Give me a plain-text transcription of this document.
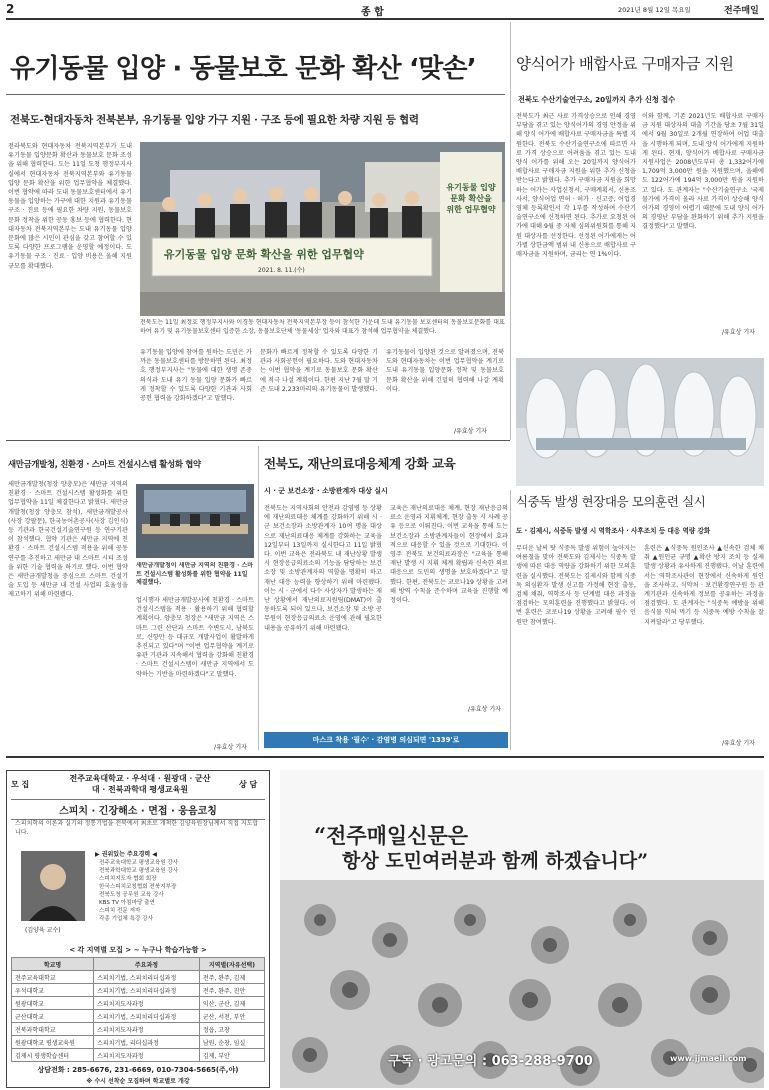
2	종 합	2021년 8월 12일 목요일	전주매일
유기동물 입양 · 동물보호 문화 확산 ‘맞손’
전북도-현대자동차 전북본부, 유기동물 입양 가구 지원 · 구조 등에 필요한 차량 지원 등 협력
전라북도와 현대자동차 전북지역본부가 도내 유기동물 입양문화 확산과 동물보호 문화 조성을 위해 협력한다. 도는 11일 도청 행정부지사실에서 현대자동차 전북지역본부와 유기동물 입양 문화 확산을 위한 업무협약을 체결했다. 이번 협약에 따라 도내 동물보호센터에서 유기동물을 입양하는 가구에 대한 지원과 유기동물 구조 · 진료 등에 필요한 차량 지원, 동물보호 문화 정착을 위한 공동 홍보 등에 협력한다. 현대자동차 전북지역본부는 도내 유기동물 입양문화에 많은 시민이 관심을 갖고 참여할 수 있도록 다양한 프로그램을 운영할 예정이다. 도 유기동물 구조 · 진료 · 입양 비용은 올해 지원 규모를 확대했다.
유기동물 입양 문화 확산을 위한 업무협약
2021. 8. 11.(수)
유기동물 입양 문화 확산을 위한 업무협약
전북도는 11일 최정호 행정부지사와 이경동 현대자동차 전북지역본부장 등이 참석한 가운데 도내 유기동물 보호센터의 동물보호문화를 대표하여 유기 및 유기동물보호센터 입증한 소장, 동물보호단체 '동물세상' 업자와 대표가 참석해 업무협약을 체결했다.
유기동물 입양에 참여를 원하는 도민은 가까운 동물보호센터를 방문하면 된다. 최정호 행정부지사는 "동물에 대한 생명 존중 의식과 도내 유기 동물 입양 문화가 빠르게 정착할 수 있도록 다양한 기관과 사회공헌 협력을 강화하겠다"고 말했다.
문화가 빠르게 정착할 수 있도록 다양한 기관과 사회공헌이 필요하다. 도와 현대자동차는 이번 협약을 계기로 동물보호 문화 확산에 적극 나설 계획이다. 한편 지난 7월 말 기준 도내 2,233마리의 유기동물이 발생했다.
유기동물이 입양된 것으로 알려졌으며, 전북도와 현대자동차는 이번 업무협약을 계기로 도내 유기동물 입양문화 정착 및 동물보호 문화 확산을 위해 긴밀히 협력해 나갈 계획이다.
/유효상 기자
양식어가 배합사료 구매자금 지원
전북도 수산기술연구소, 20일까지 추가 신청 접수
전북도가 최근 사료 가격상승으로 인해 경영 부담을 겪고 있는 양식어가의 경영 안정을 위해 양식 어가에 배합사료 구매자금을 특별 지원한다. 전북도 수산기술연구소에 따르면 사료 가격 상승으로 어려움을 겪고 있는 도내 양식 어가를 위해 오는 20일까지 양식어가 배합사료 구매자금 지원을 위한 추가 신청을 받는다고 밝혔다. 추가 구매자금 지원을 희망하는 어가는 사업신청서, 구매계획서, 신용조사서, 양식어업 면허 · 허가 · 신고증, 어업경영체 등록확인서 각 1부를 작성하여 수산기술연구소에 신청하면 된다. 추가로 요청된 어가에 대해 9월 중 자체 심의위원회를 통해 지원 대상자를 선정한다. 선정된 어가에게는 어가별 상한금액 범위 내 신용으로 배합사료 구매자금을 지원하며, 금리는 연 1%이다.
이와 함께, 기존 2021년도 배합사료 구매자금 지원 대상자의 대출 기간을 당초 7월 31일에서 9월 30일로 2개월 연장하여 어업 대출을 시행하게 되며, 도내 양식 어가에게 지원하게 된다. 현재, 양식어가 배합사료 구매자금 지원사업은 2008년도부터 총 1,332어가에 1,709억 3,000만 원을 지원했으며, 올해에도 122어가에 194억 3,000만 원을 지원하고 있다. 도 관계자는 "수산기술연구소 '국제 물가에 가격이 올라 사료 가격이 상승해 양식 어가의 경영이 어렵기 때문에 도내 양식 어가의 경영난 부담을 완화하기 위해 추가 지원을 결정했다"고 말했다.
/유효상 기자
새만금개발청, 친환경 · 스마트 건설시스템 활성화 협약
새만금개발청(청장 양충모)은 새만금 지역의 친환경 · 스마트 건설시스템 활성화를 위한 업무협약을 11일 체결한다고 밝혔다. 새만금개발청(청장 양충모 참석), 새만금개발공사(사장 강팔문), 한국농어촌공사(사장 김인식) 등 기관과 한국건설기술연구원 등 연구기관이 참석했다. 협약 기관은 새만금 지역에 친환경 · 스마트 건설시스템 적용을 위해 공동 연구를 추진하고 새만금 내 스마트 시티 조성을 위한 기술 협력을 하기로 했다. 이번 협약은 새만금개발청을 중심으로 스마트 건설기술 도입 등 새만금 내 건설 사업의 효율성을 제고하기 위해 마련됐다.
새만금개발청이 새만금 지역의 친환경 · 스마트 건설시스템 활성화를 위한 협약을 11일 체결했다.
업시행자 새만금개발공사에 친환경 · 스마트 건설시스템을 적용 · 활용하기 위해 협력할 계획이다. 양충모 청장은 "새만금 지역은 스마트 그린 산단과 스마트 수변도시, 남북도로, 신항만 등 대규모 개발사업이 활발하게 추진되고 있다"며 "이번 업무협약을 계기로 유관 기관과 지속해서 협력을 강화해 친환경 · 스마트 건설시스템이 새만금 지역에서 도약하는 기반을 마련하겠다"고 말했다.
/유효상 기자
전북도, 재난의료대응체계 강화 교육
시 · 군 보건소장 · 소방관계자 대상 실시
전북도는 지역사회의 안전과 감염병 등 상황에 재난의료대응 체계를 강화하기 위해 시 · 군 보건소장과 소방관계자 10여 명을 대상으로 재난의료대응 체계를 강화하는 교육을 12일부터 13일까지 실시한다고 11일 밝혔다. 이번 교육은 전라북도 내 재난상황 발생 시 현장응급의료소의 기능을 담당하는 보건소장 및 소방관계자의 역할을 명확히 하고 재난 대응 능력을 향상하기 위해 마련됐다. 이는 시 · 군에서 다수 사상자가 발생하는 재난 상황에서 재난의료지원팀(DMAT)이 출동하도록 되어 있으나, 보건소장 및 소방 공무원이 현장응급의료소 운영에 관해 필요한 내용을 공유하기 위해 마련됐다.
교육은 재난의료대응 체계, 현장 재난응급의료소 운영과 지휘체계, 현장 출동 시 사례 공유 등으로 이뤄진다. 이번 교육을 통해 도는 보건소장과 소방관계자들이 현장에서 효과적으로 대응할 수 있을 것으로 기대한다. 이영주 전북도 보건의료과장은 "교육을 통해 재난 발생 시 지휘 체계 확립과 신속한 의료 대응으로 도민의 생명을 보호하겠다"고 말했다. 한편, 전북도는 코로나19 상황을 고려해 방역 수칙을 준수하며 교육을 진행할 예정이다.
/유효상 기자
마스크 착용 '필수' · 감염병 의심되면 '1339'로
식중독 발생 현장대응 모의훈련 실시
도 · 김제시, 식중독 발생 시 역학조사 · 사후조치 등 대응 역량 강화
무더운 날씨 탓 식중독 발생 위험이 높아지는 여름철을 맞아 전북도와 김제시는 식중독 발생에 따른 대응 역량을 강화하기 위한 모의훈련을 실시했다. 전북도는 김제시와 함께 식중독 의심환자 발생 신고를 가정해 현장 출동, 검체 채취, 역학조사 등 단계별 대응 과정을 점검하는 모의훈련을 진행했다고 밝혔다. 이번 훈련은 코로나19 상황을 고려해 필수 인원만 참여했다.
훈련은 ▲식중독 원인조사 ▲신속한 검체 채취 ▲원인균 규명 ▲확산 방지 조치 등 실제 발생 상황과 유사하게 진행됐다. 이날 훈련에서는 역학조사관이 현장에서 신속하게 원인을 조사하고, 식약처 · 보건환경연구원 등 관계기관과 신속하게 정보를 공유하는 과정을 점검했다. 도 관계자는 "식중독 예방을 위해 음식물 익혀 먹기 등 식중독 예방 수칙을 잘 지켜달라"고 당부했다.
/유효상 기자
모 집	상 담
전주교육대학교 · 우석대 · 원광대 · 군산대 · 전북과학대 평생교육원
스피치 · 긴장해소 · 면접 · 웅음코칭
스피치학의 이론과 실기의 정통기법을 전북에서 최초로 개척한 김양육원장님께서 직접 지도합니다.
(김양육 교수)
▶ 권위있는 주요경력 ◀
전주교육대학교 평생교육원 강사
전북과학대학교 평생교육원 강사
스피치지도자 협회 회장
한국스피치코칭협회 전북지부장
전북도청 공무원 교육 강사
KBS TV 아침마당 출연
스피치 전문 저자
각종 기업체 특강 강사
< 각 지역별 모집 > ~ 누구나 학습가능함 >
학교명	주요과정	지역별(자유선택)
전주교육대학교	스피치기법, 스피치리더십과정	전주, 완주, 김제
우석대학교	스피치기법, 스피치리더십과정	전주, 완주, 진안
원광대학교	스피치지도자과정	익산, 군산, 김제
군산대학교	스피치기법, 스피치리더십과정	군산, 서천, 부안
전북과학대학교	스피치지도자과정	정읍, 고창
원광대학교 평생교육원	스피치기법, 리더십과정	남원, 순창, 임실
김제시 평생학습센터	스피치지도자과정	김제, 부안
상담전화 : 285-6676, 231-6669, 010-7304-5665(주,야)
※ 수시 선착순 모집하며 학교별로 개강
“전주매일신문은
항상 도민여러분과 함께 하겠습니다”
구독 · 광고문의 : 063-288-9700	www.jjmaeil.com
